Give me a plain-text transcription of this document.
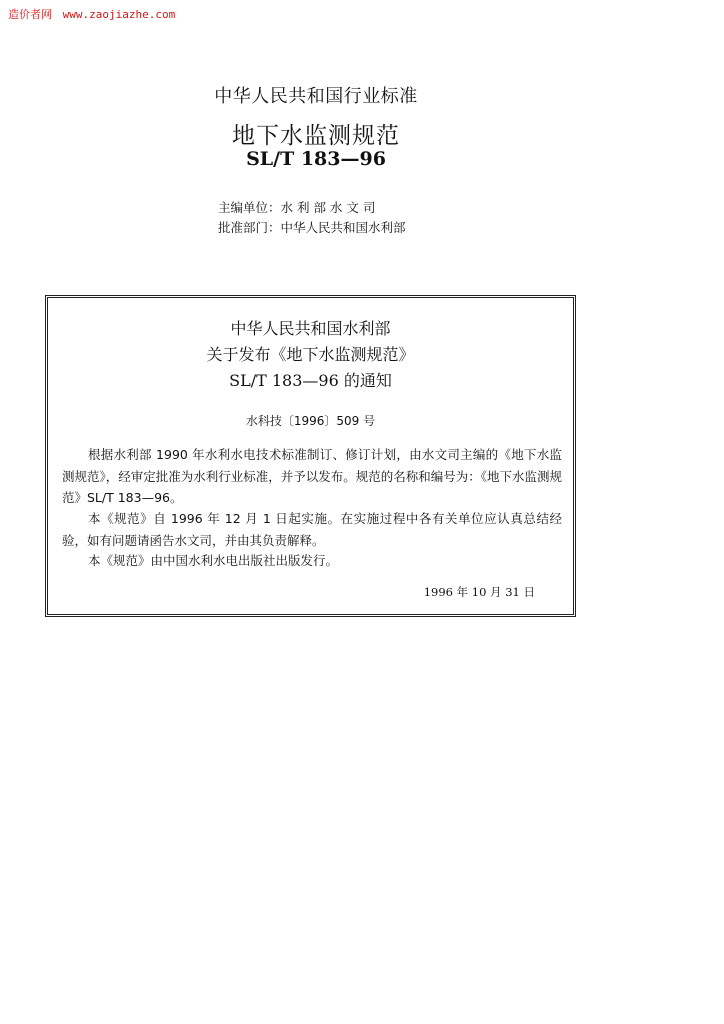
造价者网 www.zaojiazhe.com
中华人民共和国行业标准
地下水监测规范
SL/T 183—96
主编单位：水 利 部 水 文 司
批准部门：中华人民共和国水利部
中华人民共和国水利部
关于发布《地下水监测规范》
SL/T 183—96 的通知
水科技〔1996〕509 号
根据水利部 1990 年水利水电技术标准制订、修订计划，由水文司主编的《地下水监测规范》，经审定批准为水利行业标准，并予以发布。规范的名称和编号为：《地下水监测规范》SL/T 183—96。
本《规范》自 1996 年 12 月 1 日起实施。在实施过程中各有关单位应认真总结经验，如有问题请函告水文司，并由其负责解释。
本《规范》由中国水利水电出版社出版发行。
1996 年 10 月 31 日
